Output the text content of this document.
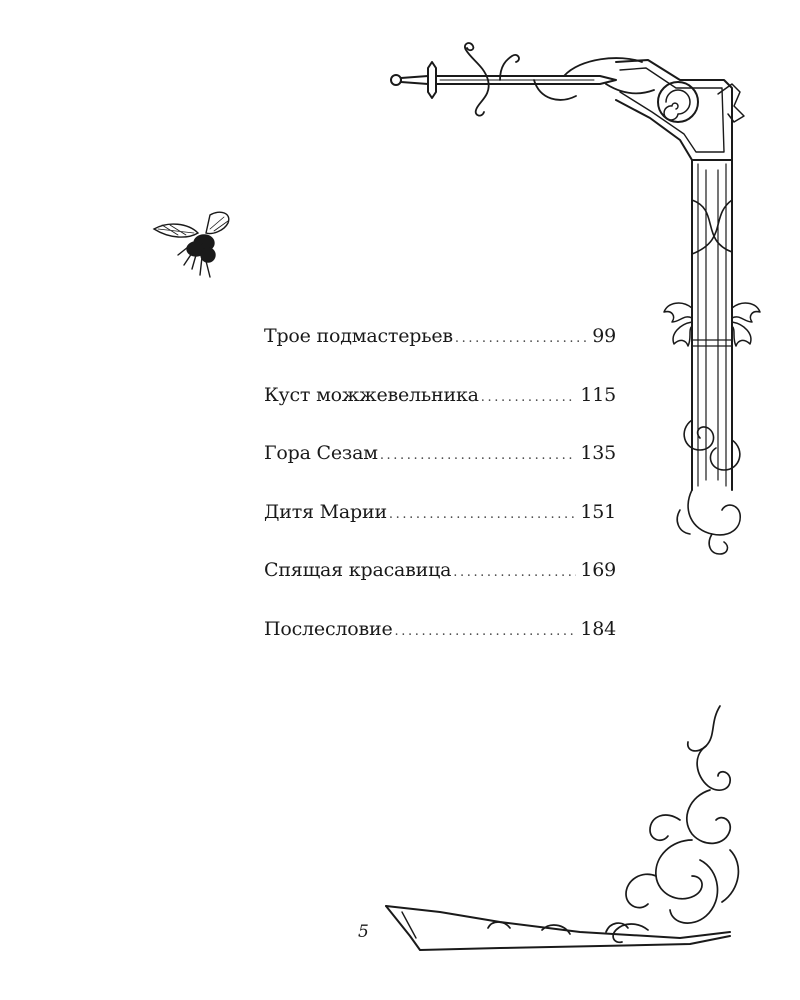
Трое подмастерьев .....	99
Куст можжевельника .....	115
Гора Сезам .....	135
Дитя Марии .....	151
Спящая красавица .....	169
Послесловие .....	184
5
